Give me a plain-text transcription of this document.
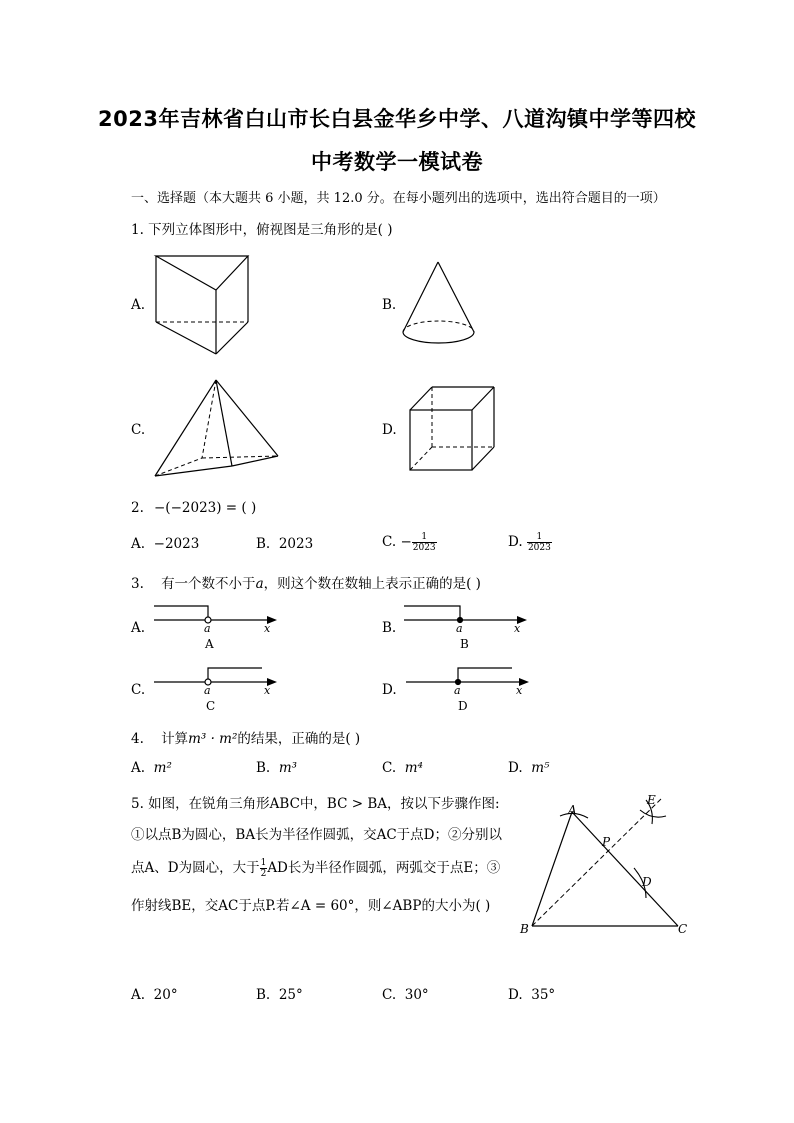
2023年吉林省白山市长白县金华乡中学、八道沟镇中学等四校
中考数学一模试卷
一、选择题（本大题共 6 小题，共 12.0 分。在每小题列出的选项中，选出符合题目的一项）
1. 下列立体图形中，俯视图是三角形的是( )
A.	B.
C.	D.
2. −(−2023) = ( )
A. −2023	B. 2023	C. − $\frac{1}{2023}$	D. $\frac{1}{2023}$
3. 有一个数不小于a，则这个数在数轴上表示正确的是( )
A.	B.
C.	D.
a	x
A
a	x
B
a	x
C
a	x
D
4. 计算m³ · m²的结果，正确的是( )
A. m²	B. m³	C. m⁴	D. m⁵
5. 如图，在锐角三角形ABC中，BC > BA，按以下步骤作图:
①以点B为圆心，BA长为半径作圆弧，交AC于点D；②分别以
点A、D为圆心，大于 $\frac{1}{2}$ AD长为半径作圆弧，两弧交于点E；③
作射线BE，交AC于点P.若∠A = 60°，则∠ABP的大小为( )
A
B	C
D
E
P
A. 20°	B. 25°	C. 30°	D. 35°
